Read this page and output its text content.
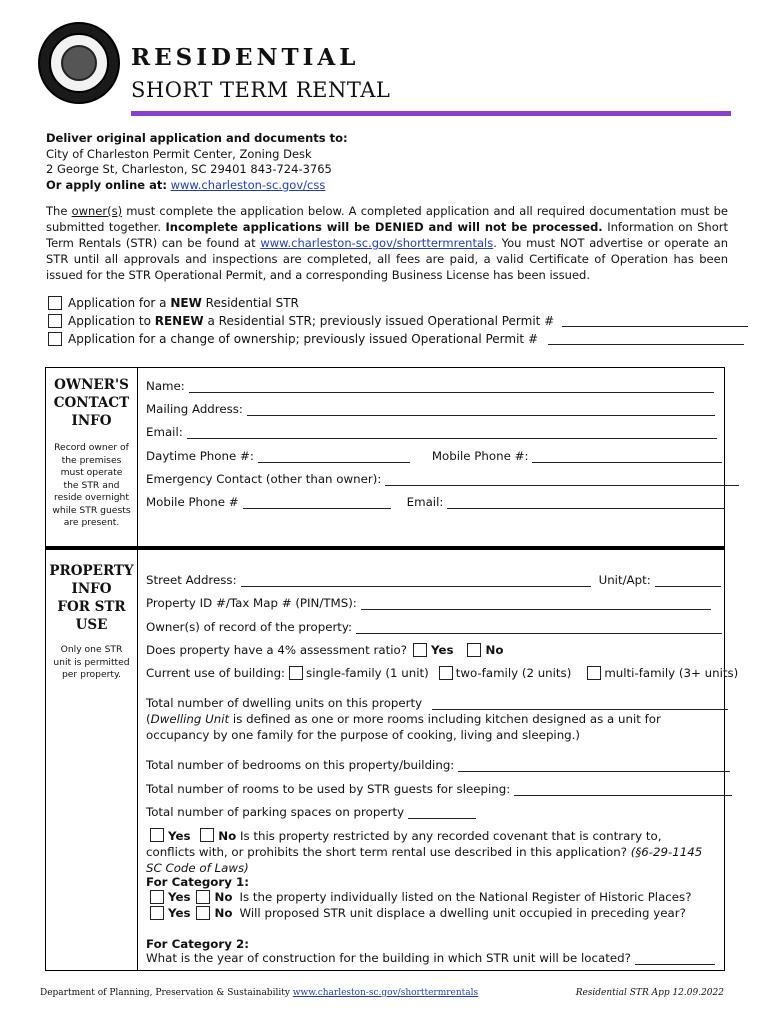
RESIDENTIAL
SHORT TERM RENTAL
Deliver original application and documents to:
City of Charleston Permit Center, Zoning Desk
2 George St, Charleston, SC 29401 843-724-3765
Or apply online at: www.charleston-sc.gov/css
The owner(s) must complete the application below. A completed application and all required documentation must be submitted together. Incomplete applications will be DENIED and will not be processed. Information on Short Term Rentals (STR) can be found at www.charleston-sc.gov/shorttermrentals. You must NOT advertise or operate an STR until all approvals and inspections are completed, all fees are paid, a valid Certificate of Operation has been issued for the STR Operational Permit, and a corresponding Business License has been issued.
Application for a NEW Residential STR
Application to RENEW a Residential STR; previously issued Operational Permit #
Application for a change of ownership; previously issued Operational Permit #
OWNER'S
CONTACT
INFO
Record owner of the premises must operate the STR and reside overnight while STR guests are present.
Name:
Mailing Address:
Email:
Daytime Phone #:	Mobile Phone #:
Emergency Contact (other than owner):
Mobile Phone #	Email:
PROPERTY
INFO
FOR STR
USE
Only one STR unit is permitted per property.
Street Address:	Unit/Apt:
Property ID #/Tax Map # (PIN/TMS):
Owner(s) of record of the property:
Does property have a 4% assessment ratio? Yes	No
Current use of building: single-family (1 unit) two-family (2 units)	multi-family (3+ units)
Total number of dwelling units on this property
(Dwelling Unit is defined as one or more rooms including kitchen designed as a unit for occupancy by one family for the purpose of cooking, living and sleeping.)
Total number of bedrooms on this property/building:
Total number of rooms to be used by STR guests for sleeping:
Total number of parking spaces on property
Yes No Is this property restricted by any recorded covenant that is contrary to, conflicts with, or prohibits the short term rental use described in this application? (§6-29-1145 SC Code of Laws)
For Category 1:
Yes No Is the property individually listed on the National Register of Historic Places?
Yes No Will proposed STR unit displace a dwelling unit occupied in preceding year?
For Category 2:
What is the year of construction for the building in which STR unit will be located?
Department of Planning, Preservation & Sustainability www.charleston-sc.gov/shorttermrentals	Residential STR App 12.09.2022
